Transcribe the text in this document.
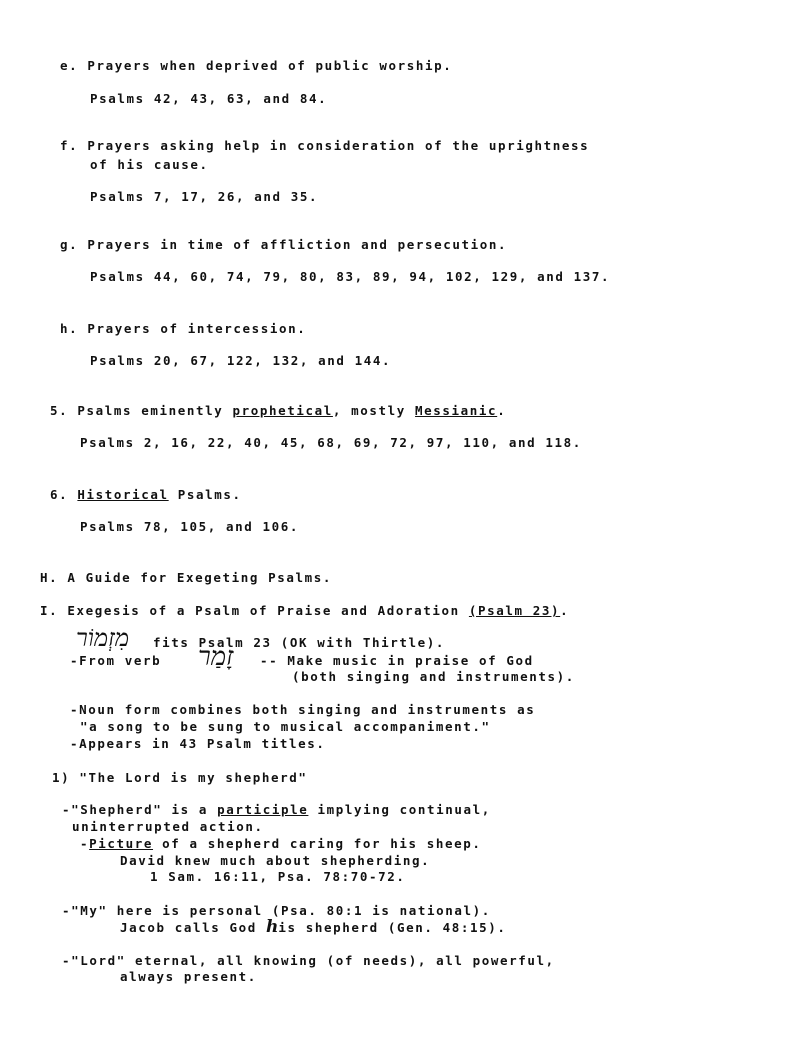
e. Prayers when deprived of public worship.
Psalms 42, 43, 63, and 84.
f. Prayers asking help in consideration of the uprightness
of his cause.
Psalms 7, 17, 26, and 35.
g. Prayers in time of affliction and persecution.
Psalms 44, 60, 74, 79, 80, 83, 89, 94, 102, 129, and 137.
h. Prayers of intercession.
Psalms 20, 67, 122, 132, and 144.
5. Psalms eminently prophetical, mostly Messianic.
Psalms 2, 16, 22, 40, 45, 68, 69, 72, 97, 110, and 118.
6. Historical Psalms.
Psalms 78, 105, and 106.
H. A Guide for Exegeting Psalms.
I. Exegesis of a Psalm of Praise and Adoration (Psalm 23).
מִזְמוֹר fits Psalm 23 (OK with Thirtle).
-From verb זָמַר -- Make music in praise of God
(both singing and instruments).
-Noun form combines both singing and instruments as
"a song to be sung to musical accompaniment."
-Appears in 43 Psalm titles.
1) "The Lord is my shepherd"
-"Shepherd" is a participle implying continual,
uninterrupted action.
-Picture of a shepherd caring for his sheep.
David knew much about shepherding.
1 Sam. 16:11, Psa. 78:70-72.
-"My" here is personal (Psa. 80:1 is national).
Jacob calls God his shepherd (Gen. 48:15).
-"Lord" eternal, all knowing (of needs), all powerful,
always present.
